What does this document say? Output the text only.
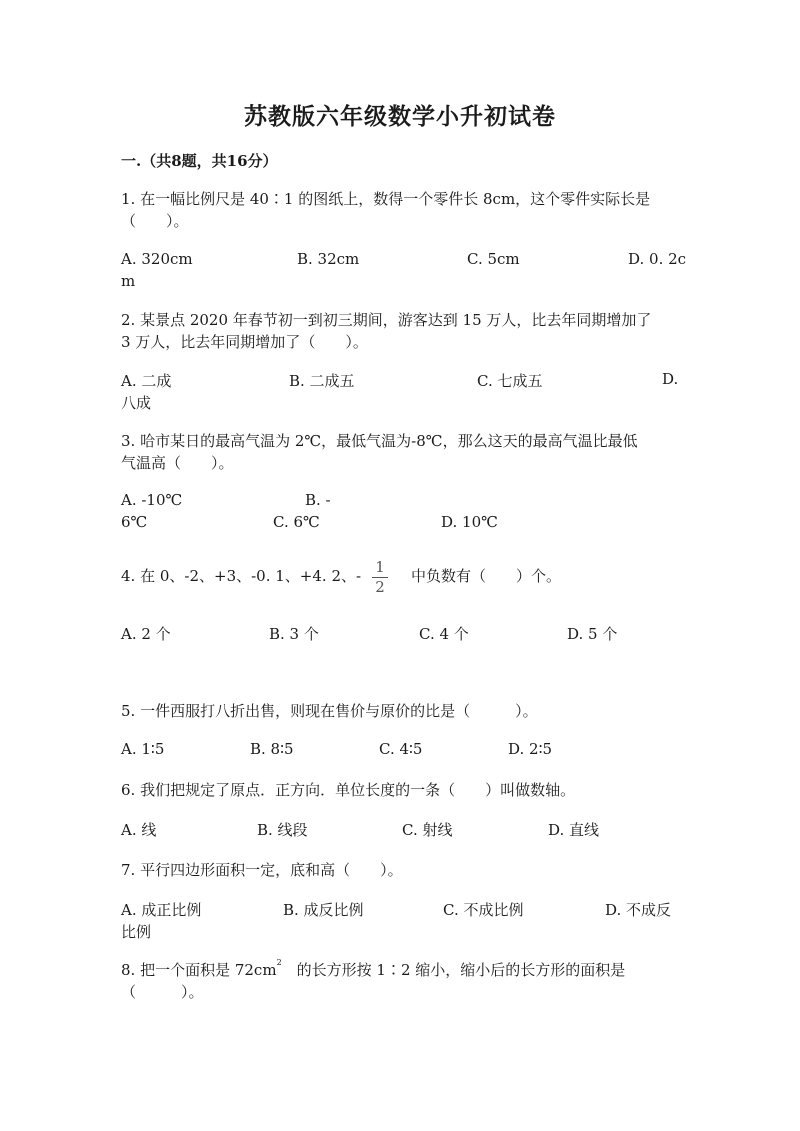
苏教版六年级数学小升初试卷
一.（共8题，共16分）
1. 在一幅比例尺是 40∶1 的图纸上，数得一个零件长 8cm，这个零件实际长是
（　　）。
A. 320cm	B. 32cm	C. 5cm	D. 0. 2c
m
2. 某景点 2020 年春节初一到初三期间，游客达到 15 万人，比去年同期增加了
3 万人，比去年同期增加了（　　）。
A. 二成	B. 二成五	C. 七成五	D.
八成
3. 哈市某日的最高气温为 2℃，最低气温为-8℃，那么这天的最高气温比最低
气温高（　　）。
A. -10℃	B. -
6℃	C. 6℃	D. 10℃
4. 在 0、-2、+3、-0. 1、+4. 2、- 1
2
中负数有（　　）个。
A. 2 个	B. 3 个	C. 4 个	D. 5 个
5. 一件西服打八折出售，则现在售价与原价的比是（　　　）。
A. 1∶5	B. 8∶5	C. 4∶5	D. 2∶5
6. 我们把规定了原点．正方向．单位长度的一条（　　）叫做数轴。
A. 线	B. 线段	C. 射线	D. 直线
7. 平行四边形面积一定，底和高（　　）。
A. 成正比例	B. 成反比例	C. 不成比例	D. 不成反
比例
8. 把一个面积是 $72cm^2$　的长方形按 1∶2 缩小，缩小后的长方形的面积是
（　　　）。
